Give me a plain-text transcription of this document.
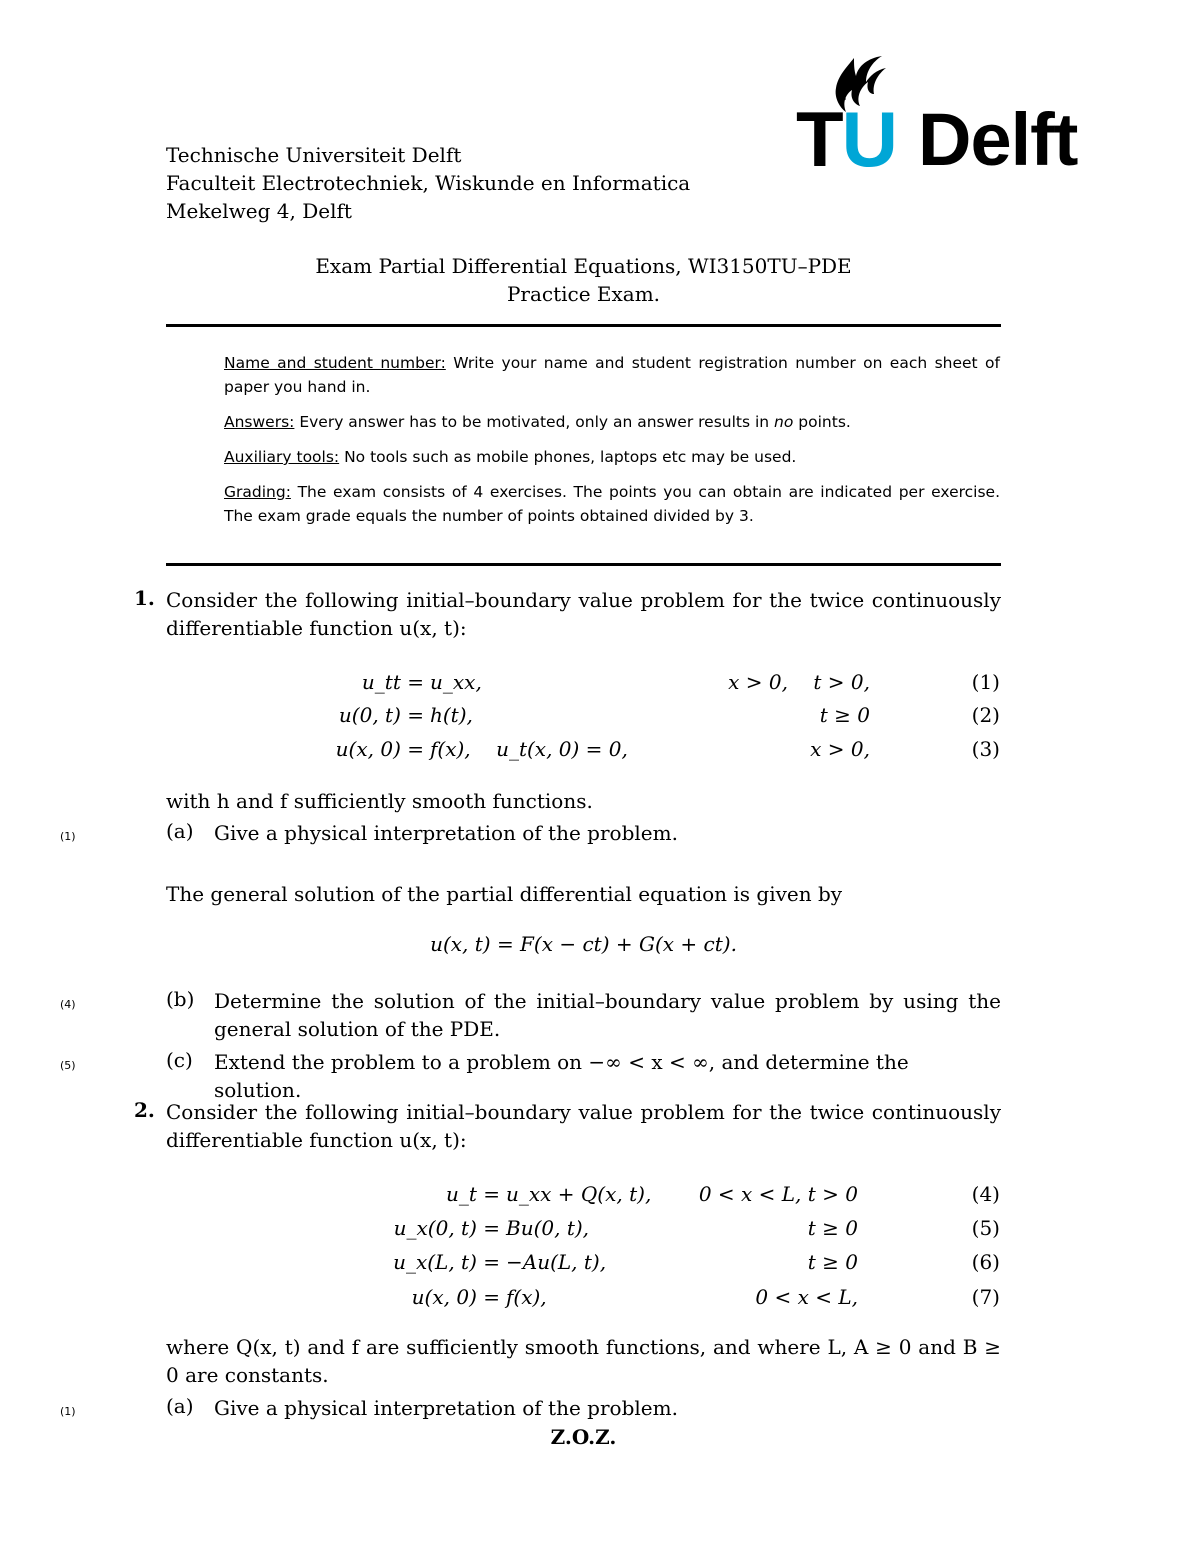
TU Delft
Technische Universiteit Delft
Faculteit Electrotechniek, Wiskunde en Informatica
Mekelweg 4, Delft
Exam Partial Differential Equations, WI3150TU–PDE
Practice Exam.
Name and student number: Write your name and student registration number on each sheet of paper you hand in.
Answers: Every answer has to be motivated, only an answer results in no points.
Auxiliary tools: No tools such as mobile phones, laptops etc may be used.
Grading: The exam consists of 4 exercises. The points you can obtain are indicated per exercise. The exam grade equals the number of points obtained divided by 3.
1. Consider the following initial–boundary value problem for the twice continuously differentiable function u(x, t):
u_tt = u_xx,	x > 0,    t > 0,	(1)
u(0, t) = h(t),	t ≥ 0	(2)
u(x, 0) = f(x),    u_t(x, 0) = 0,	x > 0,	(3)
with h and f sufficiently smooth functions.
(1)	(a) Give a physical interpretation of the problem.
The general solution of the partial differential equation is given by
u(x, t) = F(x − ct) + G(x + ct).
(4)	(b) Determine the solution of the initial–boundary value problem by using the general solution of the PDE.
(5)	(c) Extend the problem to a problem on −∞ < x < ∞, and determine the solution.
2. Consider the following initial–boundary value problem for the twice continuously differentiable function u(x, t):
u_t = u_xx + Q(x, t),	0 < x < L, t > 0	(4)
u_x(0, t) = Bu(0, t),	t ≥ 0	(5)
u_x(L, t) = −Au(L, t),	t ≥ 0	(6)
u(x, 0) = f(x),	0 < x < L,	(7)
where Q(x, t) and f are sufficiently smooth functions, and where L, A ≥ 0 and B ≥ 0 are constants.
(1)	(a) Give a physical interpretation of the problem.
Z.O.Z.
